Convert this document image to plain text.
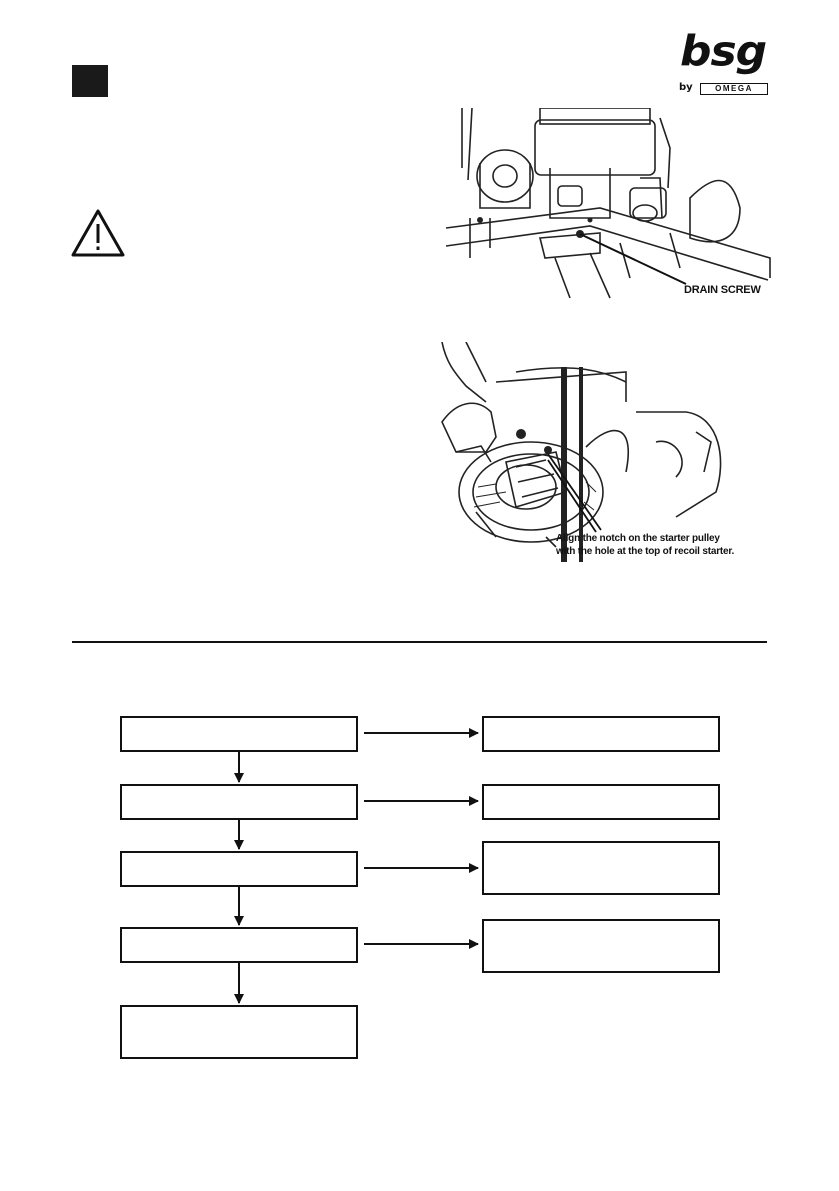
bsg
by	OMEGA
DRAIN SCREW
Align the notch on the starter pulley
with the hole at the top of recoil starter.
